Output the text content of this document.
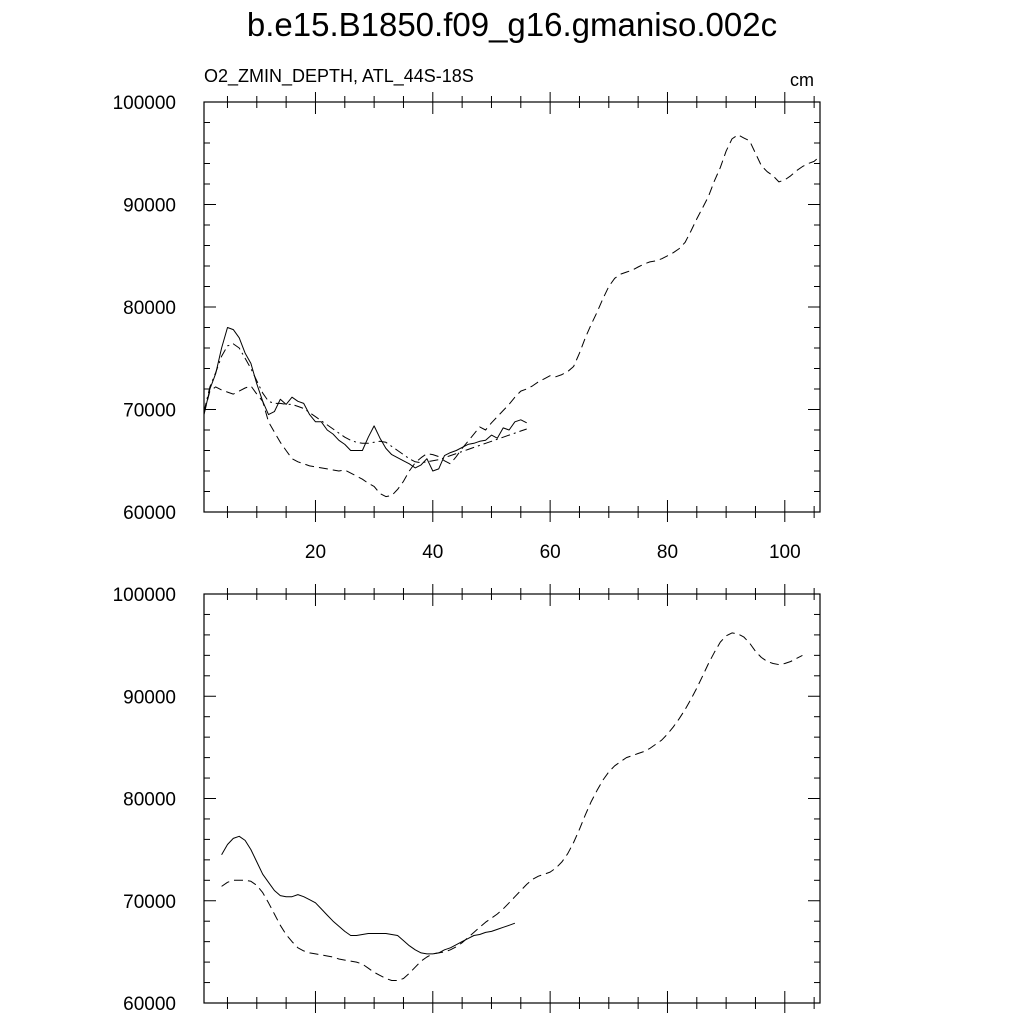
b.e15.B1850.f09_g16.gmaniso.002c
O2_ZMIN_DEPTH, ATL_44S-18S	cm
60000
70000
80000
90000
100000
20	40	60	80	100
60000
70000
80000
90000
100000
